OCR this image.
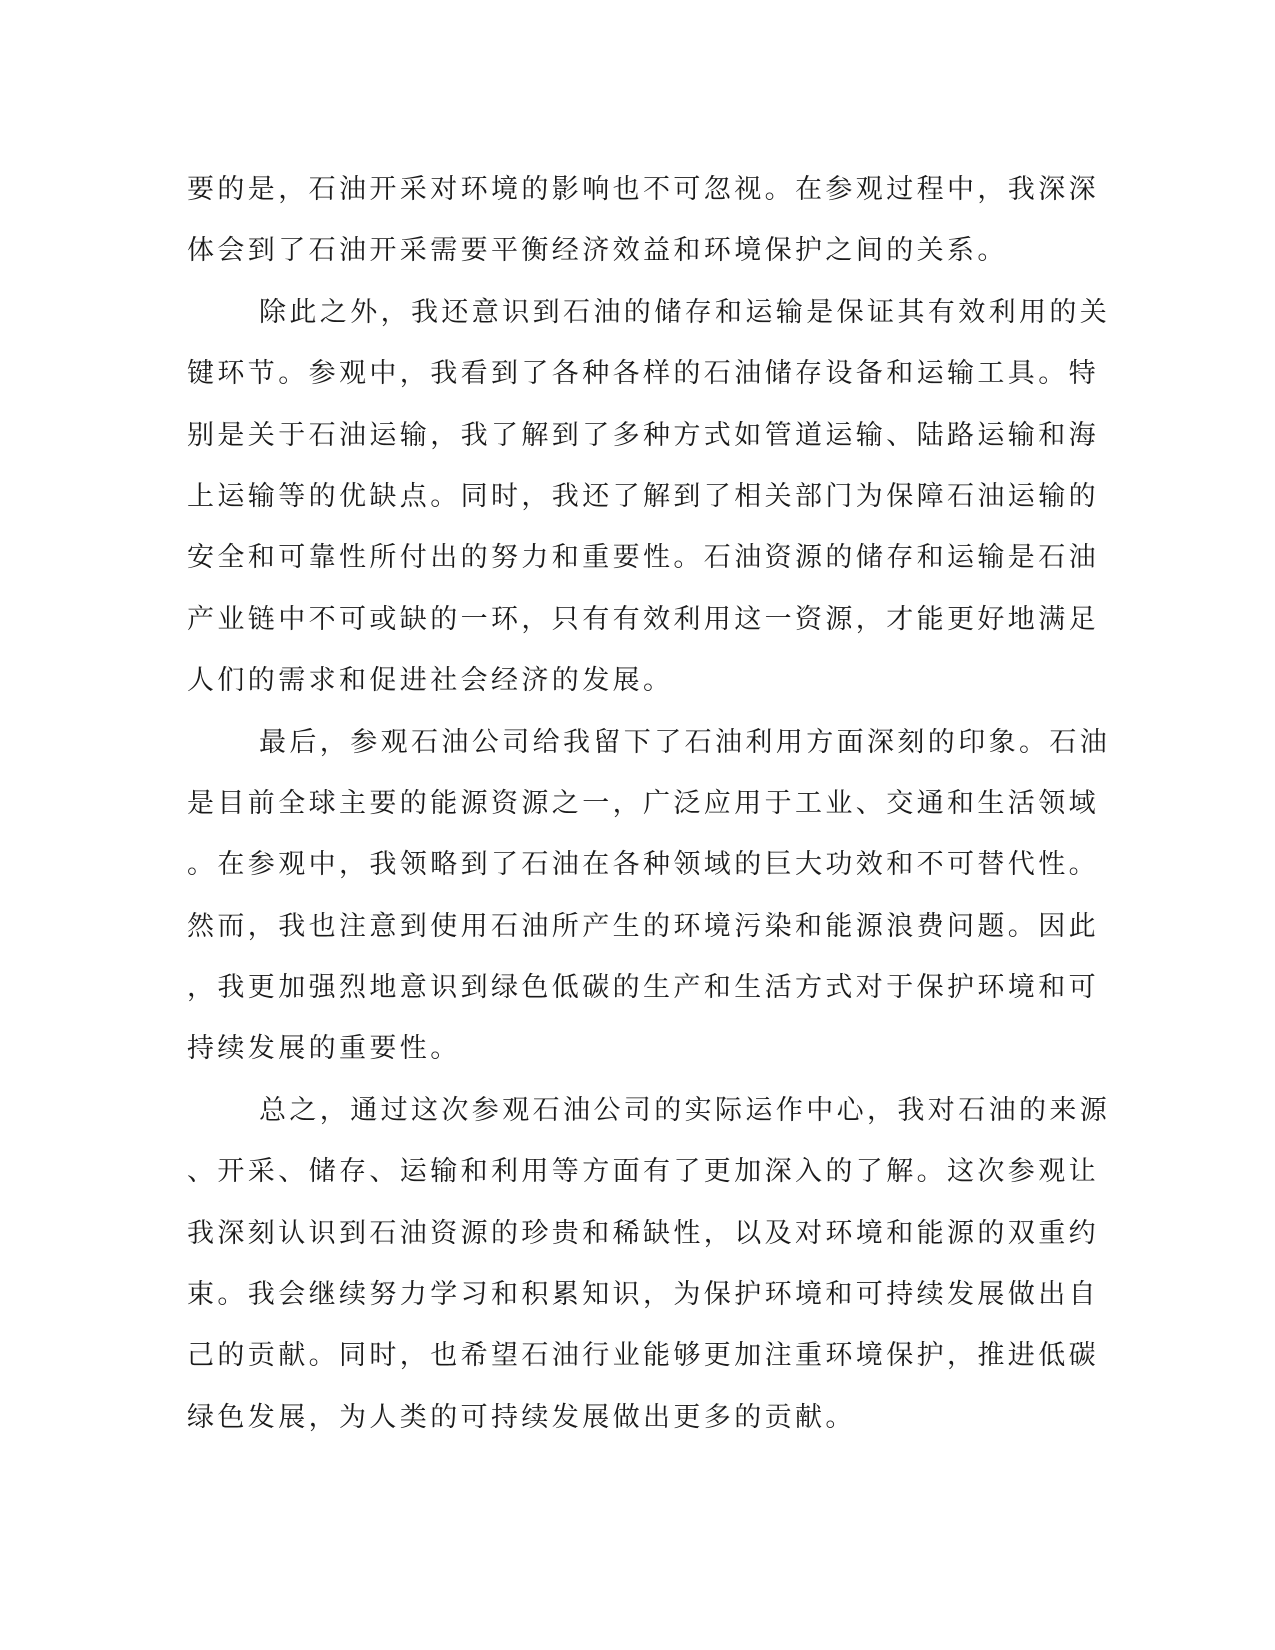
要的是，石油开采对环境的影响也不可忽视。在参观过程中，我深深
体会到了石油开采需要平衡经济效益和环境保护之间的关系。
除此之外，我还意识到石油的储存和运输是保证其有效利用的关
键环节。参观中，我看到了各种各样的石油储存设备和运输工具。特
别是关于石油运输，我了解到了多种方式如管道运输、陆路运输和海
上运输等的优缺点。同时，我还了解到了相关部门为保障石油运输的
安全和可靠性所付出的努力和重要性。石油资源的储存和运输是石油
产业链中不可或缺的一环，只有有效利用这一资源，才能更好地满足
人们的需求和促进社会经济的发展。
最后，参观石油公司给我留下了石油利用方面深刻的印象。石油
是目前全球主要的能源资源之一，广泛应用于工业、交通和生活领域
。在参观中，我领略到了石油在各种领域的巨大功效和不可替代性。
然而，我也注意到使用石油所产生的环境污染和能源浪费问题。因此
，我更加强烈地意识到绿色低碳的生产和生活方式对于保护环境和可
持续发展的重要性。
总之，通过这次参观石油公司的实际运作中心，我对石油的来源
、开采、储存、运输和利用等方面有了更加深入的了解。这次参观让
我深刻认识到石油资源的珍贵和稀缺性，以及对环境和能源的双重约
束。我会继续努力学习和积累知识，为保护环境和可持续发展做出自
己的贡献。同时，也希望石油行业能够更加注重环境保护，推进低碳
绿色发展，为人类的可持续发展做出更多的贡献。
